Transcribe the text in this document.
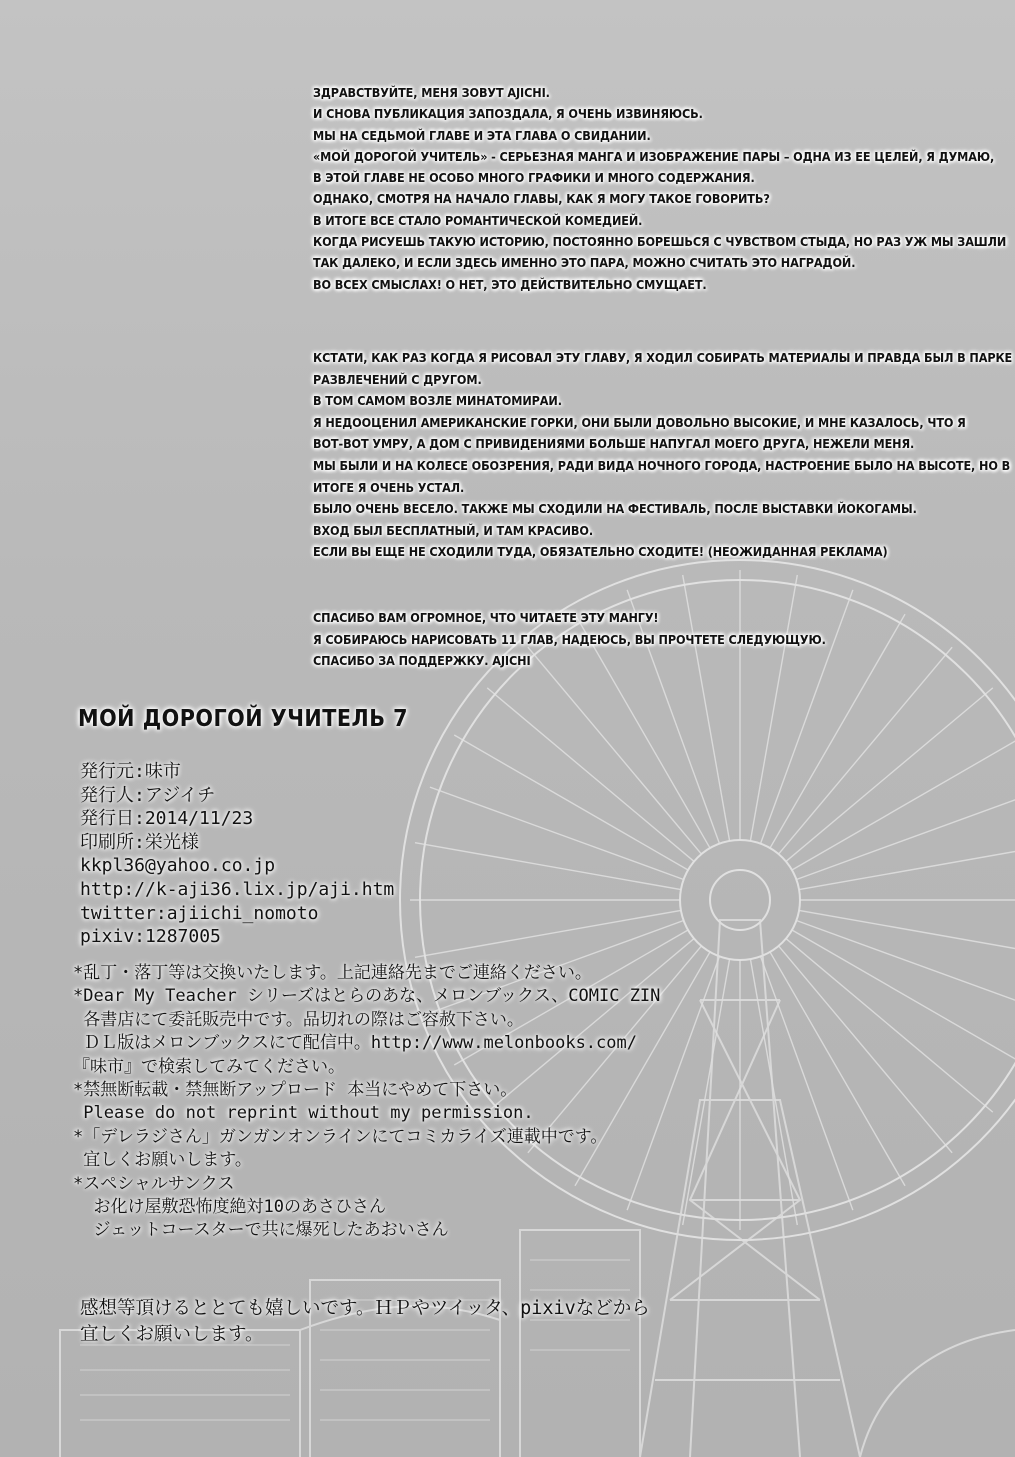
ЗДРАВСТВУЙТЕ, МЕНЯ ЗОВУТ AJICHI.
И СНОВА ПУБЛИКАЦИЯ ЗАПОЗДАЛА, Я ОЧЕНЬ ИЗВИНЯЮСЬ.
МЫ НА СЕДЬМОЙ ГЛАВЕ И ЭТА ГЛАВА О СВИДАНИИ.
«МОЙ ДОРОГОЙ УЧИТЕЛЬ» - СЕРЬЕЗНАЯ МАНГА И ИЗОБРАЖЕНИЕ ПАРЫ – ОДНА ИЗ ЕЕ ЦЕЛЕЙ, Я ДУМАЮ,
В ЭТОЙ ГЛАВЕ НЕ ОСОБО МНОГО ГРАФИКИ И МНОГО СОДЕРЖАНИЯ.
ОДНАКО, СМОТРЯ НА НАЧАЛО ГЛАВЫ, КАК Я МОГУ ТАКОЕ ГОВОРИТЬ?
В ИТОГЕ ВСЕ СТАЛО РОМАНТИЧЕСКОЙ КОМЕДИЕЙ.
КОГДА РИСУЕШЬ ТАКУЮ ИСТОРИЮ, ПОСТОЯННО БОРЕШЬСЯ С ЧУВСТВОМ СТЫДА, НО РАЗ УЖ МЫ ЗАШЛИ
ТАК ДАЛЕКО, И ЕСЛИ ЗДЕСЬ ИМЕННО ЭТО ПАРА, МОЖНО СЧИТАТЬ ЭТО НАГРАДОЙ.
ВО ВСЕХ СМЫСЛАХ! О НЕТ, ЭТО ДЕЙСТВИТЕЛЬНО СМУЩАЕТ.
КСТАТИ, КАК РАЗ КОГДА Я РИСОВАЛ ЭТУ ГЛАВУ, Я ХОДИЛ СОБИРАТЬ МАТЕРИАЛЫ И ПРАВДА БЫЛ В ПАРКЕ
РАЗВЛЕЧЕНИЙ С ДРУГОМ.
В ТОМ САМОМ ВОЗЛЕ МИНАТОМИРАИ.
Я НЕДООЦЕНИЛ АМЕРИКАНСКИЕ ГОРКИ, ОНИ БЫЛИ ДОВОЛЬНО ВЫСОКИЕ, И МНЕ КАЗАЛОСЬ, ЧТО Я
ВОТ-ВОТ УМРУ, А ДОМ С ПРИВИДЕНИЯМИ БОЛЬШЕ НАПУГАЛ МОЕГО ДРУГА, НЕЖЕЛИ МЕНЯ.
МЫ БЫЛИ И НА КОЛЕСЕ ОБОЗРЕНИЯ, РАДИ ВИДА НОЧНОГО ГОРОДА, НАСТРОЕНИЕ БЫЛО НА ВЫСОТЕ, НО В
ИТОГЕ Я ОЧЕНЬ УСТАЛ.
БЫЛО ОЧЕНЬ ВЕСЕЛО. ТАКЖЕ МЫ СХОДИЛИ НА ФЕСТИВАЛЬ, ПОСЛЕ ВЫСТАВКИ ЙОКОГАМЫ.
ВХОД БЫЛ БЕСПЛАТНЫЙ, И ТАМ КРАСИВО.
ЕСЛИ ВЫ ЕЩЕ НЕ СХОДИЛИ ТУДА, ОБЯЗАТЕЛЬНО СХОДИТЕ! (НЕОЖИДАННАЯ РЕКЛАМА)
СПАСИБО ВАМ ОГРОМНОЕ, ЧТО ЧИТАЕТЕ ЭТУ МАНГУ!
Я СОБИРАЮСЬ НАРИСОВАТЬ 11 ГЛАВ, НАДЕЮСЬ, ВЫ ПРОЧТЕТЕ СЛЕДУЮЩУЮ.
СПАСИБО ЗА ПОДДЕРЖКУ. AJICHI
МОЙ ДОРОГОЙ УЧИТЕЛЬ 7
発行元:味市
発行人:アジイチ
発行日:2014/11/23
印刷所:栄光様
kkpl36@yahoo.co.jp
http://k-aji36.lix.jp/aji.htm
twitter:ajiichi_nomoto
pixiv:1287005
*乱丁・落丁等は交換いたします。上記連絡先までご連絡ください。
*Dear My Teacher シリーズはとらのあな、メロンブックス、COMIC ZIN
各書店にて委託販売中です。品切れの際はご容赦下さい。
ＤＬ版はメロンブックスにて配信中。http://www.melonbooks.com/
『味市』で検索してみてください。
*禁無断転載・禁無断アップロード 本当にやめて下さい。
Please do not reprint without my permission.
*「デレラジさん」ガンガンオンラインにてコミカライズ連載中です。
宜しくお願いします。
*スペシャルサンクス
お化け屋敷恐怖度絶対10のあさひさん
ジェットコースターで共に爆死したあおいさん
感想等頂けるととても嬉しいです。ＨＰやツイッタ、pixivなどから
宜しくお願いします。
